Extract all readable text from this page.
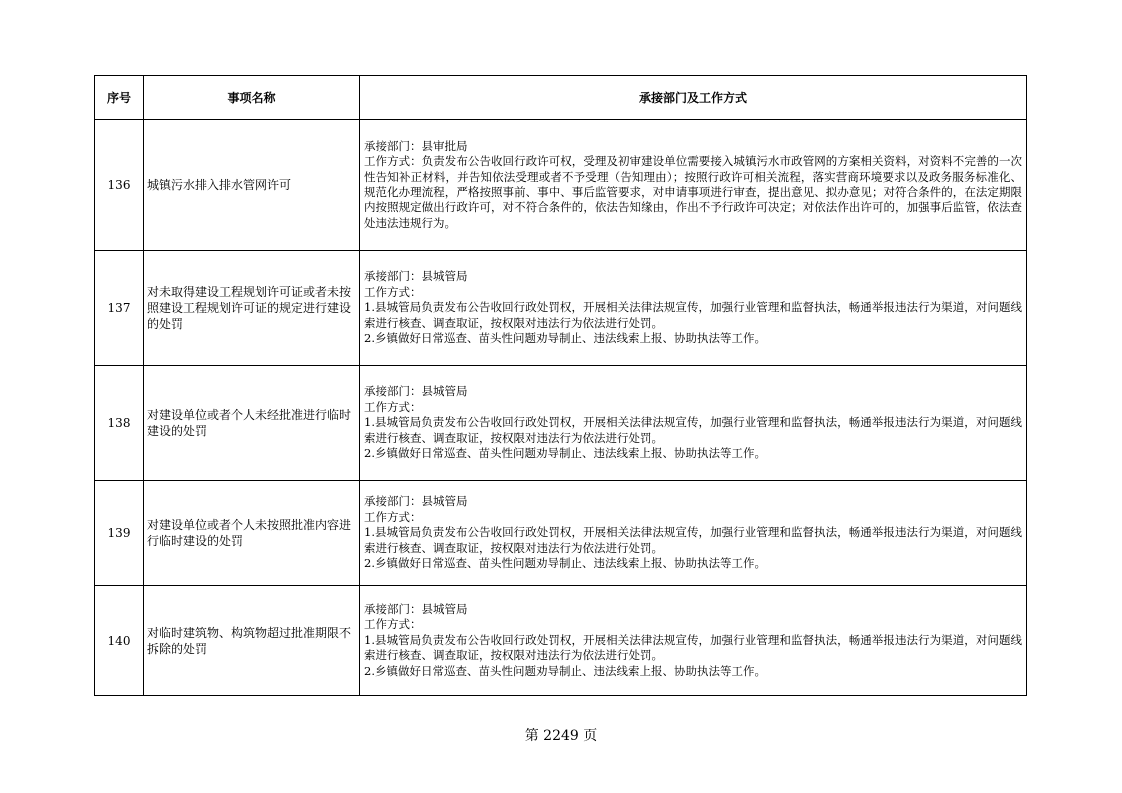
序号	事项名称	承接部门及工作方式
136	城镇污水排入排水管网许可	承接部门：县审批局
工作方式：负责发布公告收回行政许可权，受理及初审建设单位需要接入城镇污水市政管网的方案相关资料，对资料不完善的一次性告知补正材料，并告知依法受理或者不予受理（告知理由）；按照行政许可相关流程，落实营商环境要求以及政务服务标准化、规范化办理流程，严格按照事前、事中、事后监管要求，对申请事项进行审查，提出意见、拟办意见；对符合条件的，在法定期限内按照规定做出行政许可，对不符合条件的，依法告知缘由，作出不予行政许可决定；对依法作出许可的，加强事后监管，依法查处违法违规行为。

137	对未取得建设工程规划许可证或者未按照建设工程规划许可证的规定进行建设的处罚	承接部门：县城管局
工作方式：
1.县城管局负责发布公告收回行政处罚权，开展相关法律法规宣传，加强行业管理和监督执法，畅通举报违法行为渠道，对问题线索进行核查、调查取证，按权限对违法行为依法进行处罚。
2.乡镇做好日常巡查、苗头性问题劝导制止、违法线索上报、协助执法等工作。

138	对建设单位或者个人未经批准进行临时建设的处罚	承接部门：县城管局
工作方式：
1.县城管局负责发布公告收回行政处罚权，开展相关法律法规宣传，加强行业管理和监督执法，畅通举报违法行为渠道，对问题线索进行核查、调查取证，按权限对违法行为依法进行处罚。
2.乡镇做好日常巡查、苗头性问题劝导制止、违法线索上报、协助执法等工作。

139	对建设单位或者个人未按照批准内容进行临时建设的处罚	承接部门：县城管局
工作方式：
1.县城管局负责发布公告收回行政处罚权，开展相关法律法规宣传，加强行业管理和监督执法，畅通举报违法行为渠道，对问题线索进行核查、调查取证，按权限对违法行为依法进行处罚。
2.乡镇做好日常巡查、苗头性问题劝导制止、违法线索上报、协助执法等工作。

140	对临时建筑物、构筑物超过批准期限不拆除的处罚	承接部门：县城管局
工作方式：
1.县城管局负责发布公告收回行政处罚权，开展相关法律法规宣传，加强行业管理和监督执法，畅通举报违法行为渠道，对问题线索进行核查、调查取证，按权限对违法行为依法进行处罚。
2.乡镇做好日常巡查、苗头性问题劝导制止、违法线索上报、协助执法等工作。
第 2249 页
